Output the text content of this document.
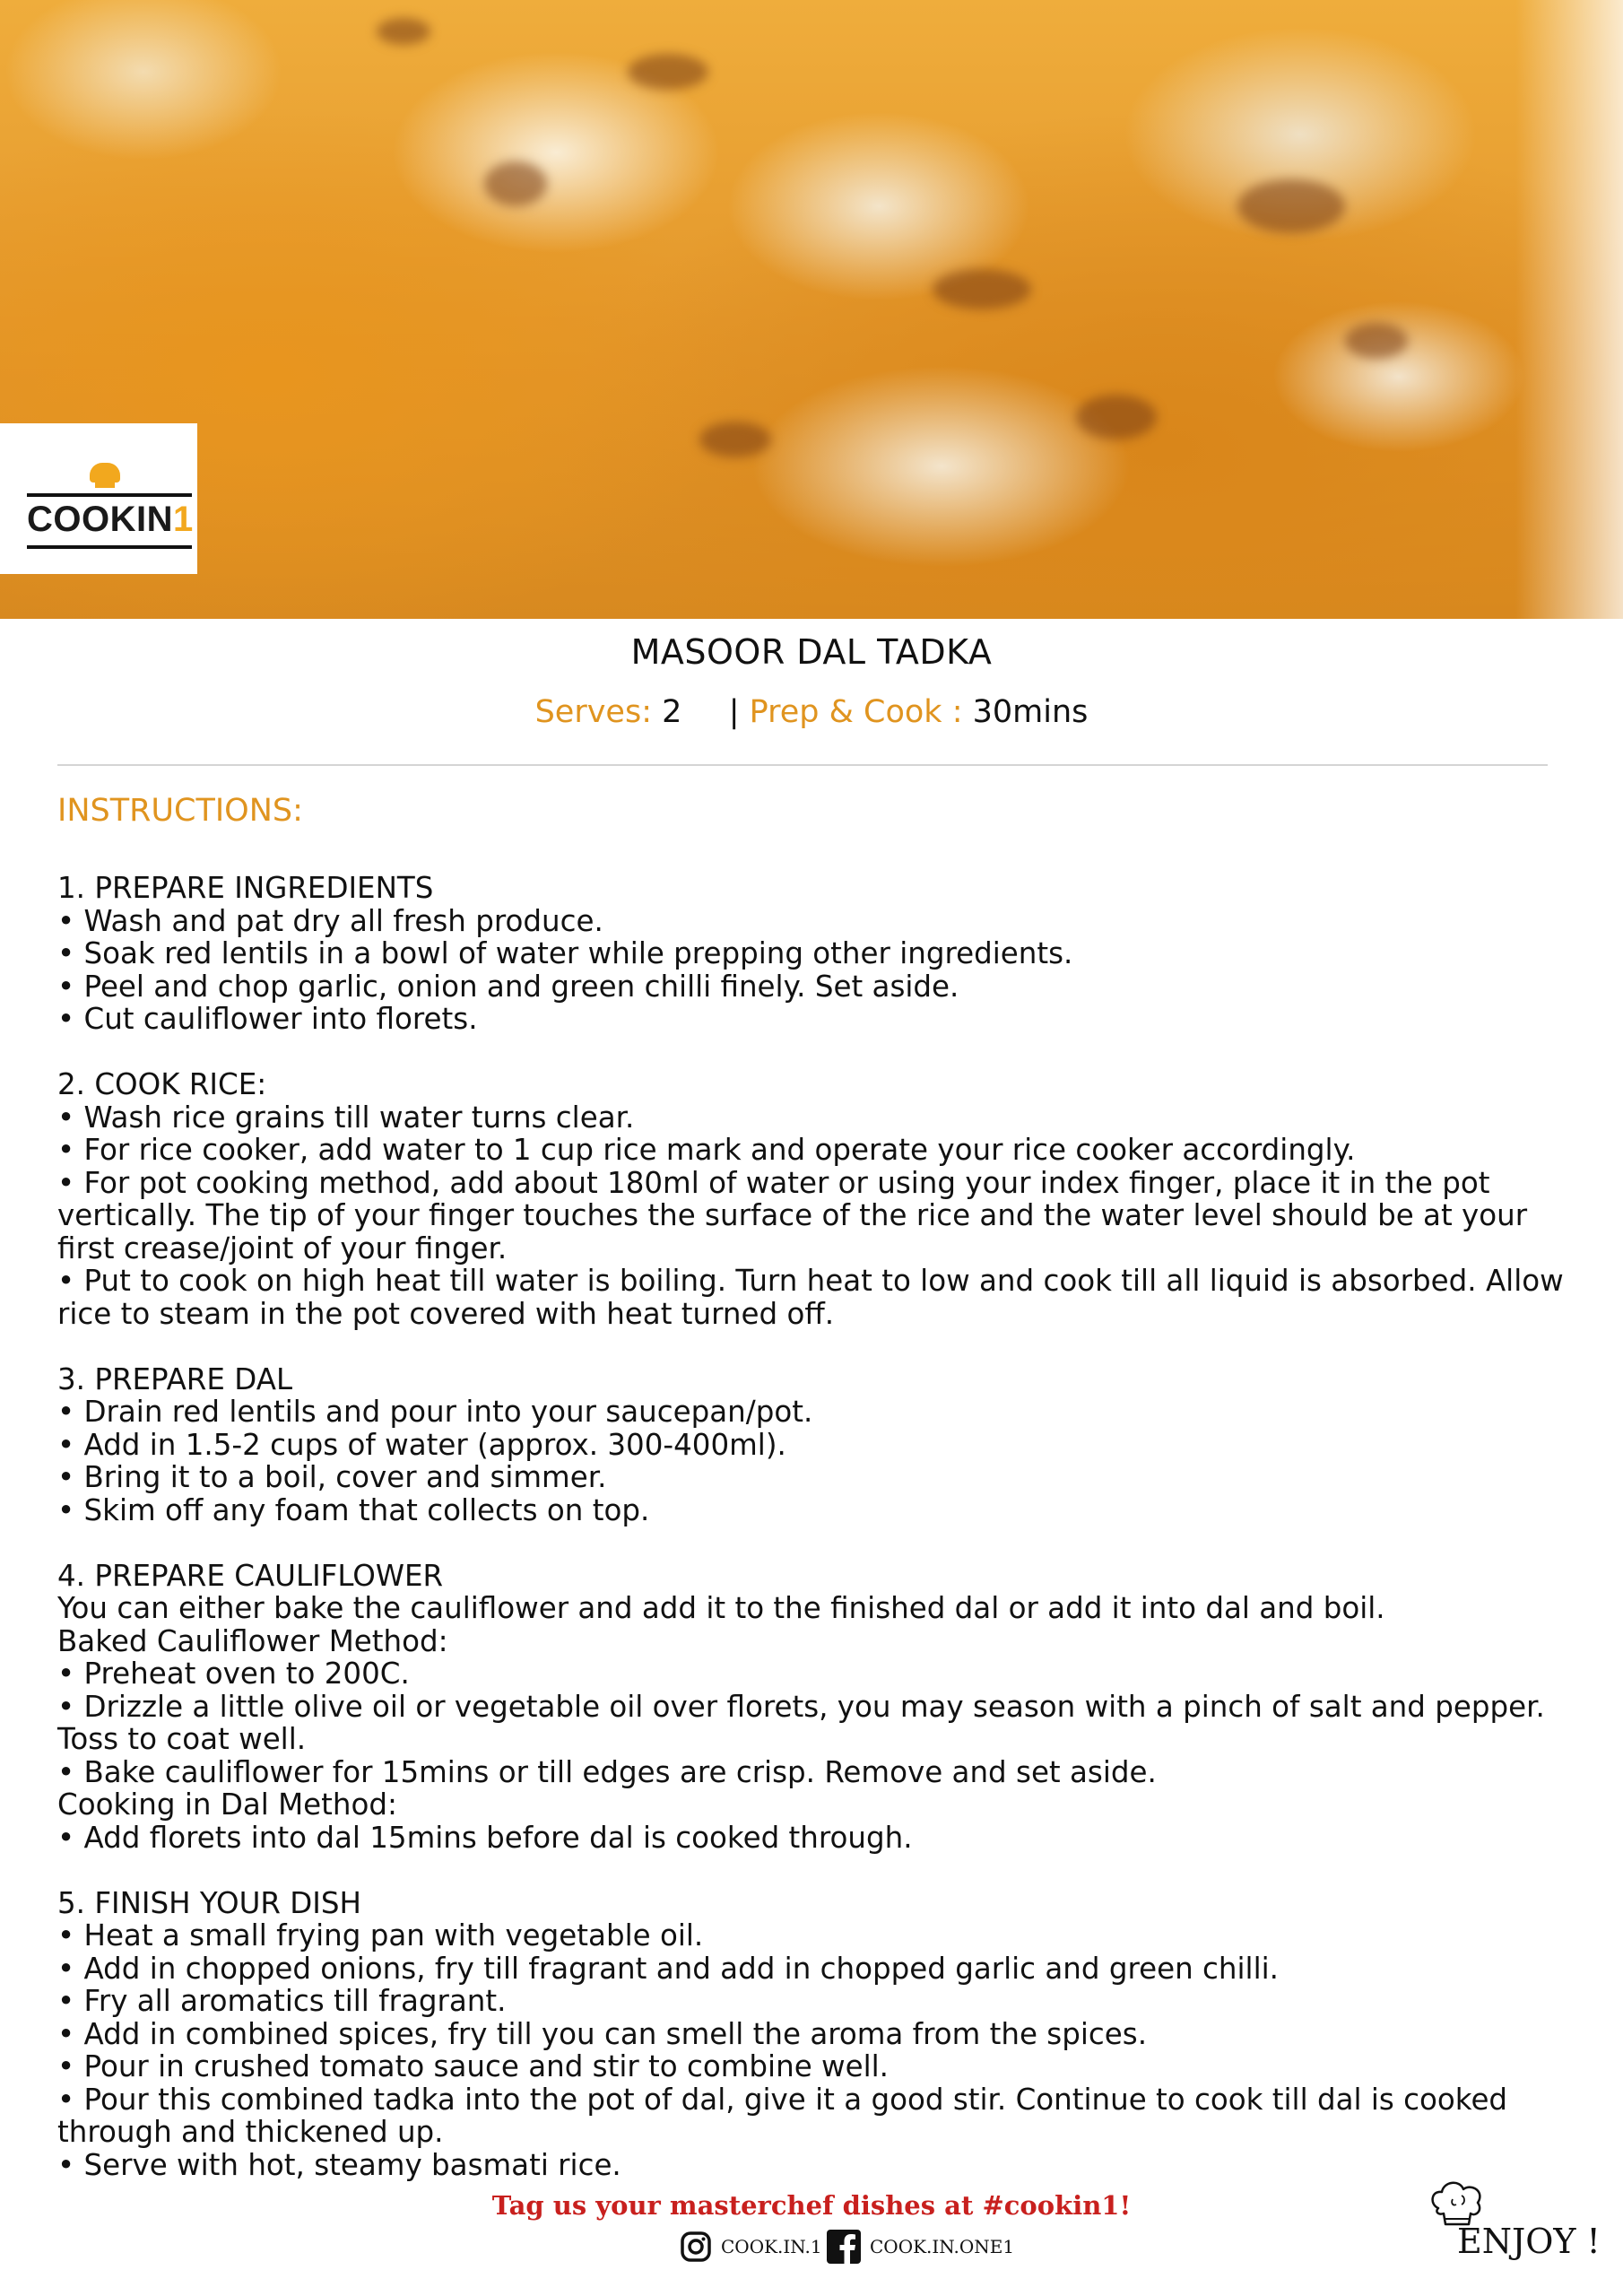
COOKIN1
MASOOR DAL TADKA
Serves: 2 | Prep & Cook : 30mins
INSTRUCTIONS:
1. PREPARE INGREDIENTS
• Wash and pat dry all fresh produce.
• Soak red lentils in a bowl of water while prepping other ingredients.
• Peel and chop garlic, onion and green chilli finely. Set aside.
• Cut cauliflower into florets.
2. COOK RICE:
• Wash rice grains till water turns clear.
• For rice cooker, add water to 1 cup rice mark and operate your rice cooker accordingly.
• For pot cooking method, add about 180ml of water or using your index finger, place it in the pot vertically. The tip of your finger touches the surface of the rice and the water level should be at your first crease/joint of your finger.
• Put to cook on high heat till water is boiling. Turn heat to low and cook till all liquid is absorbed. Allow rice to steam in the pot covered with heat turned off.
3. PREPARE DAL
• Drain red lentils and pour into your saucepan/pot.
• Add in 1.5-2 cups of water (approx. 300-400ml).
• Bring it to a boil, cover and simmer.
• Skim off any foam that collects on top.
4. PREPARE CAULIFLOWER
You can either bake the cauliflower and add it to the finished dal or add it into dal and boil.
Baked Cauliflower Method:
• Preheat oven to 200C.
• Drizzle a little olive oil or vegetable oil over florets, you may season with a pinch of salt and pepper. Toss to coat well.
• Bake cauliflower for 15mins or till edges are crisp. Remove and set aside.
Cooking in Dal Method:
• Add florets into dal 15mins before dal is cooked through.
5. FINISH YOUR DISH
• Heat a small frying pan with vegetable oil.
• Add in chopped onions, fry till fragrant and add in chopped garlic and green chilli.
• Fry all aromatics till fragrant.
• Add in combined spices, fry till you can smell the aroma from the spices.
• Pour in crushed tomato sauce and stir to combine well.
• Pour this combined tadka into the pot of dal, give it a good stir. Continue to cook till dal is cooked through and thickened up.
• Serve with hot, steamy basmati rice.
Tag us your masterchef dishes at #cookin1!
COOK.IN.1	COOK.IN.ONE1	ENJOY !
